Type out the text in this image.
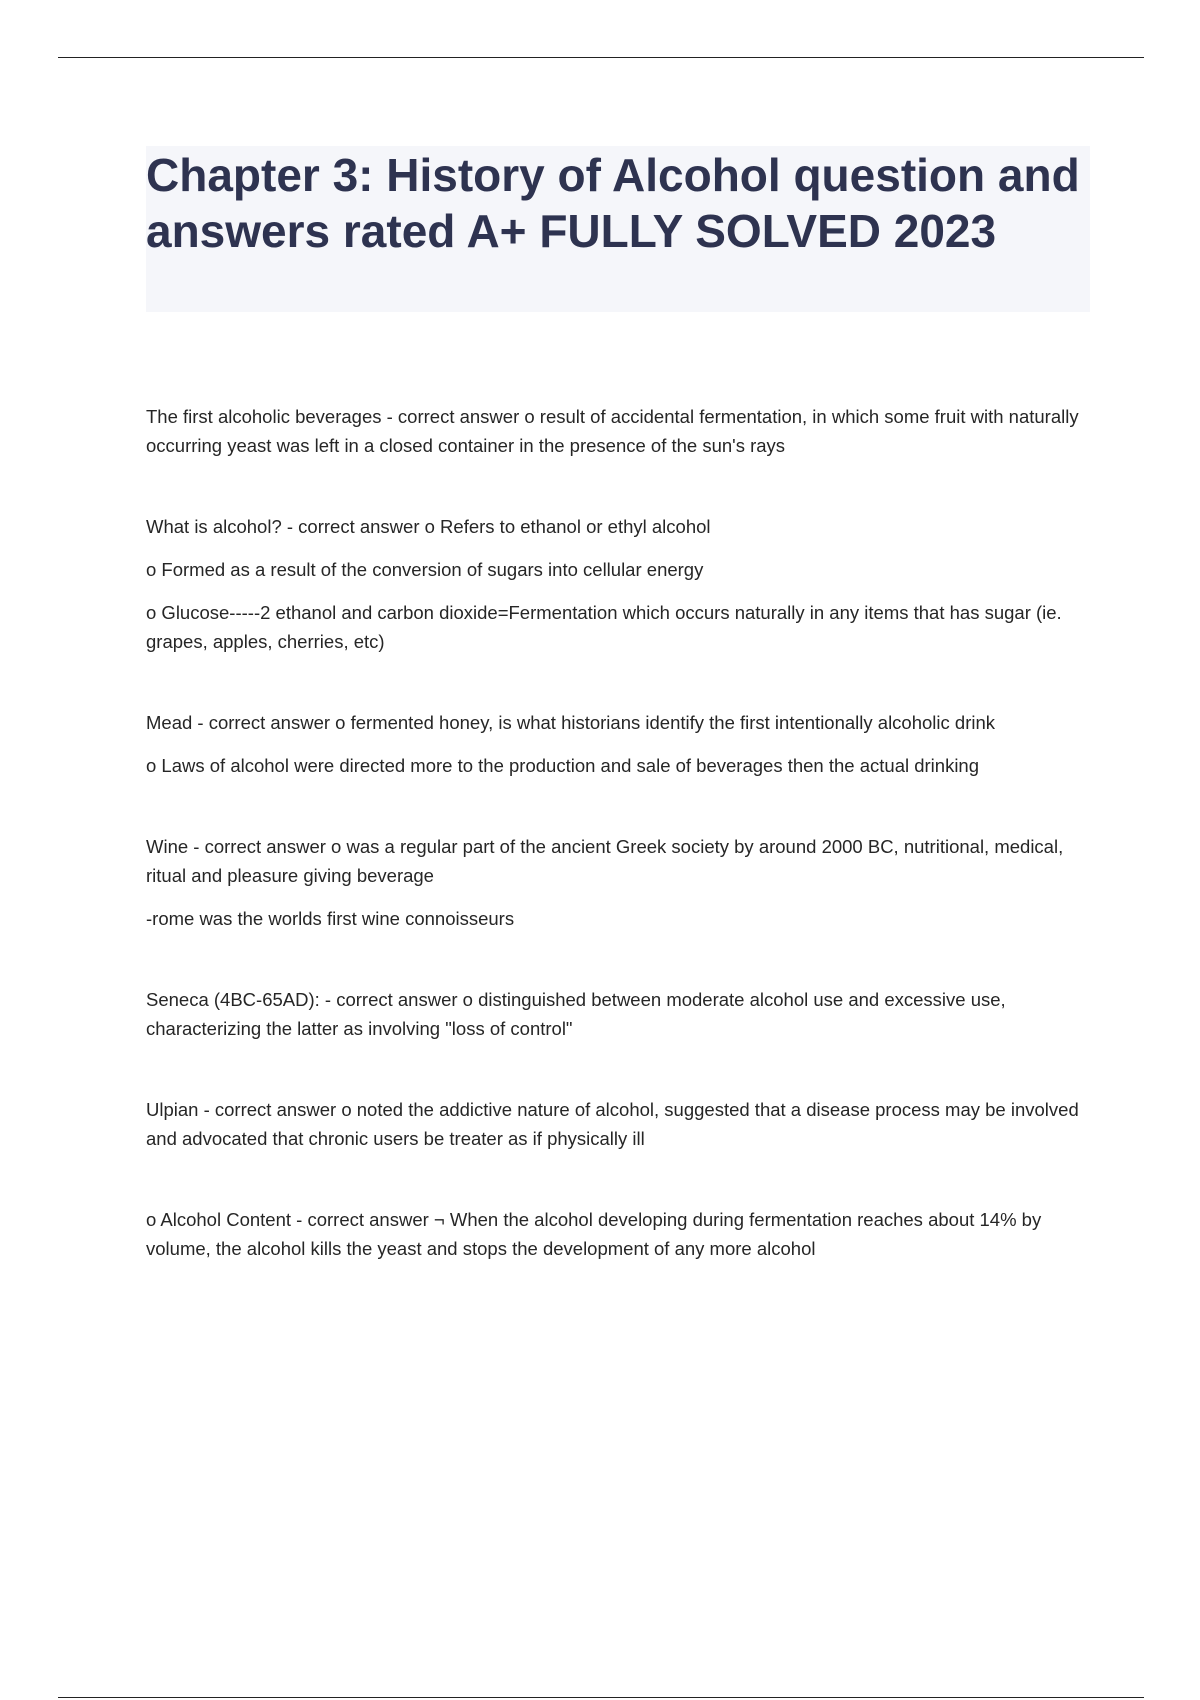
Chapter 3: History of Alcohol question and answers rated A+ FULLY SOLVED 2023

The first alcoholic beverages - correct answer o result of accidental fermentation, in which some fruit with naturally occurring yeast was left in a closed container in the presence of the sun's rays

What is alcohol? - correct answer o Refers to ethanol or ethyl alcohol

o Formed as a result of the conversion of sugars into cellular energy

o Glucose-----2 ethanol and carbon dioxide=Fermentation which occurs naturally in any items that has sugar (ie. grapes, apples, cherries, etc)

Mead - correct answer o fermented honey, is what historians identify the first intentionally alcoholic drink

o Laws of alcohol were directed more to the production and sale of beverages then the actual drinking

Wine - correct answer o was a regular part of the ancient Greek society by around 2000 BC, nutritional, medical, ritual and pleasure giving beverage

-rome was the worlds first wine connoisseurs

Seneca (4BC-65AD): - correct answer o distinguished between moderate alcohol use and excessive use, characterizing the latter as involving "loss of control"

Ulpian - correct answer o noted the addictive nature of alcohol, suggested that a disease process may be involved and advocated that chronic users be treater as if physically ill

o Alcohol Content - correct answer ¬ When the alcohol developing during fermentation reaches about 14% by volume, the alcohol kills the yeast and stops the development of any more alcohol
